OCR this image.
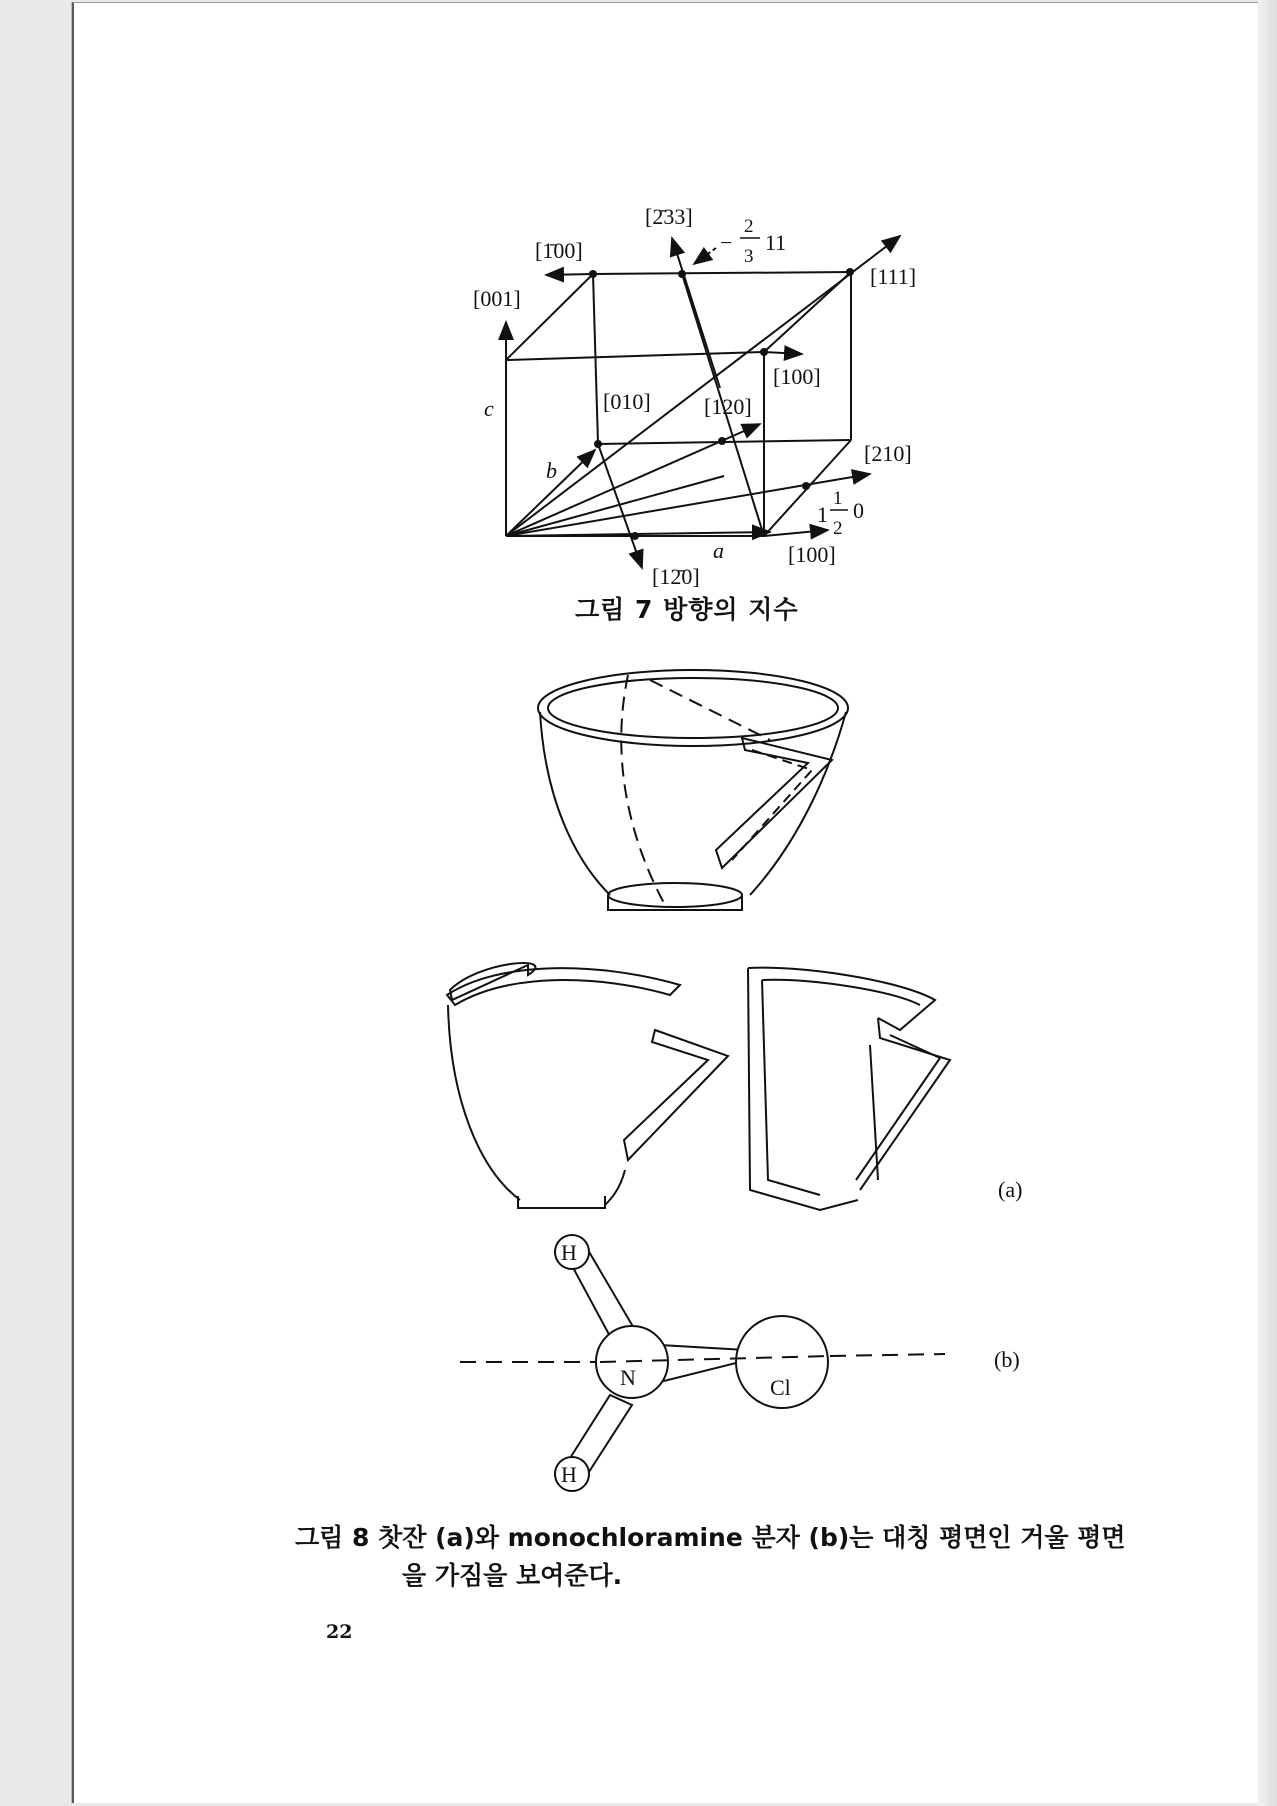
[1̄00]
[2̄33]
−
2
3
11
[111]
[001]
c	[010] [120]
[100]
[210]
b
1
1
2
0
a	[100]
[12̄0]
그림 7 방향의 지수
(a)
H
N	Cl
H
(b)
그림 8 찻잔 (a)와 monochloramine 분자 (b)는 대칭 평면인 거울 평면
을 가짐을 보여준다.
22
